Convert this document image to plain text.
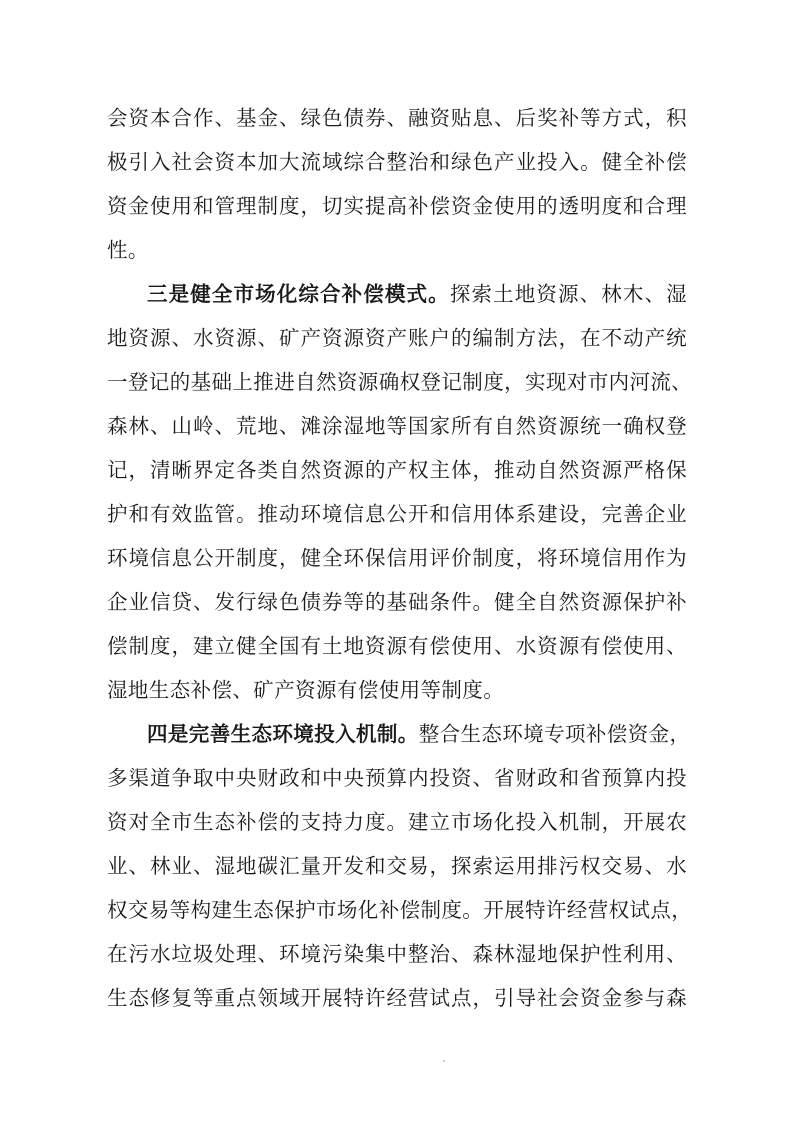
会资本合作、基金、绿色债券、融资贴息、后奖补等方式，积
极引入社会资本加大流域综合整治和绿色产业投入。健全补偿
资金使用和管理制度，切实提高补偿资金使用的透明度和合理
性。
三是健全市场化综合补偿模式。探索土地资源、林木、湿
地资源、水资源、矿产资源资产账户的编制方法，在不动产统
一登记的基础上推进自然资源确权登记制度，实现对市内河流、
森林、山岭、荒地、滩涂湿地等国家所有自然资源统一确权登
记，清晰界定各类自然资源的产权主体，推动自然资源严格保
护和有效监管。推动环境信息公开和信用体系建设，完善企业
环境信息公开制度，健全环保信用评价制度，将环境信用作为
企业信贷、发行绿色债券等的基础条件。健全自然资源保护补
偿制度，建立健全国有土地资源有偿使用、水资源有偿使用、
湿地生态补偿、矿产资源有偿使用等制度。
四是完善生态环境投入机制。整合生态环境专项补偿资金，
多渠道争取中央财政和中央预算内投资、省财政和省预算内投
资对全市生态补偿的支持力度。建立市场化投入机制，开展农
业、林业、湿地碳汇量开发和交易，探索运用排污权交易、水
权交易等构建生态保护市场化补偿制度。开展特许经营权试点，
在污水垃圾处理、环境污染集中整治、森林湿地保护性利用、
生态修复等重点领域开展特许经营试点，引导社会资金参与森
